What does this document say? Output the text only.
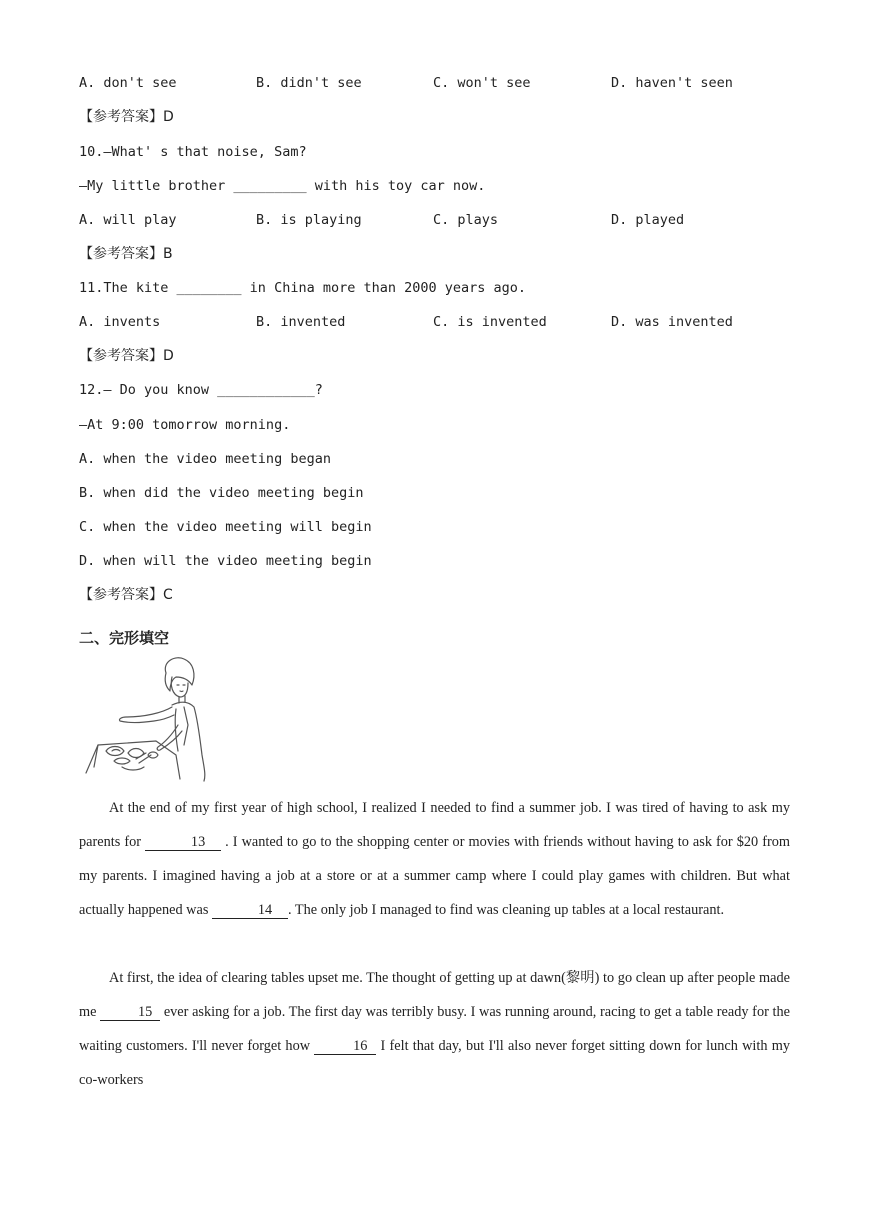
A. don't see	B. didn't see	C. won't see	D. haven't seen
【参考答案】D
10.—What' s that noise, Sam?
—My little brother _________ with his toy car now.
A. will play	B. is playing	C. plays	D. played
【参考答案】B
11.The kite ________ in China more than 2000 years ago.
A. invents	B. invented	C. is invented	D. was invented
【参考答案】D
12.— Do you know ____________?
—At 9:00 tomorrow morning.
A. when the video meeting began
B. when did the video meeting begin
C. when the video meeting will begin
D. when will the video meeting begin
【参考答案】C
二、完形填空
At the end of my first year of high school, I realized I needed to find a summer job. I was tired of having to ask my parents for	13 . I wanted to go to the shopping center or movies with friends without having to ask for $20 from my parents. I imagined having a job at a store or at a summer camp where I could play games with children. But what actually happened was	14 . The only job I managed to find was cleaning up tables at a local restaurant.
At first, the idea of clearing tables upset me. The thought of getting up at dawn(黎明) to go clean up after people made me	15 ever asking for a job. The first day was terribly busy. I was running around, racing to get a table ready for the waiting customers. I'll never forget how	16 I felt that day, but I'll also never forget sitting down for lunch with my co-workers
